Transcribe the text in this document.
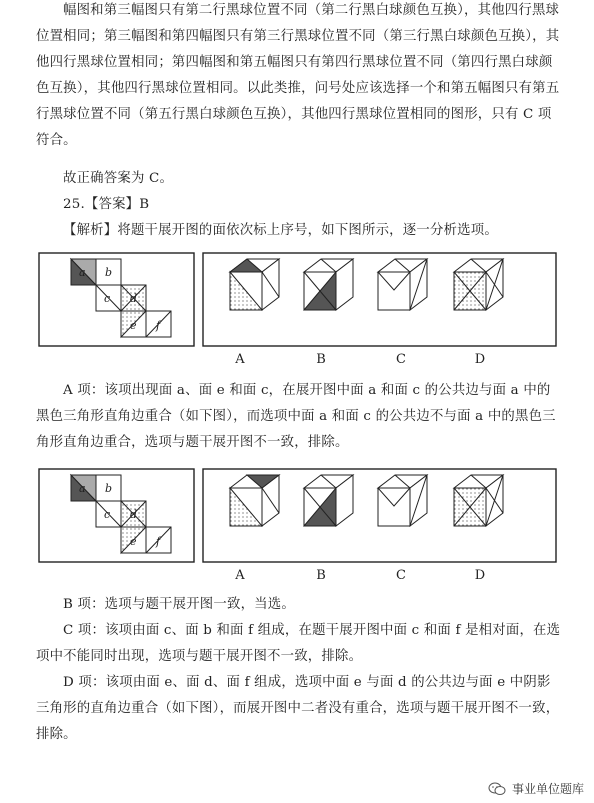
幅图和第三幅图只有第二行黑球位置不同（第二行黑白球颜色互换），其他四行黑球位置相同；第三幅图和第四幅图只有第三行黑球位置不同（第三行黑白球颜色互换），其他四行黑球位置相同；第四幅图和第五幅图只有第四行黑球位置不同（第四行黑白球颜色互换），其他四行黑球位置相同。以此类推，问号处应该选择一个和第五幅图只有第五行黑球位置不同（第五行黑白球颜色互换），其他四行黑球位置相同的图形，只有 C 项符合。
故正确答案为 C。
25.【答案】B
【解析】将题干展开图的面依次标上序号，如下图所示，逐一分析选项。
a b
c d
e f
A	B	C	D
A 项：该项出现面 a、面 e 和面 c，在展开图中面 a 和面 c 的公共边与面 a 中的黑色三角形直角边重合（如下图），而选项中面 a 和面 c 的公共边不与面 a 中的黑色三角形直角边重合，选项与题干展开图不一致，排除。
a b
c d
e f
A	B	C	D
B 项：选项与题干展开图一致，当选。
C 项：该项由面 c、面 b 和面 f 组成，在题干展开图中面 c 和面 f 是相对面，在选项中不能同时出现，选项与题干展开图不一致，排除。
D 项：该项由面 e、面 d、面 f 组成，选项中面 e 与面 d 的公共边与面 e 中阴影三角形的直角边重合（如下图），而展开图中二者没有重合，选项与题干展开图不一致，排除。
事业单位题库
